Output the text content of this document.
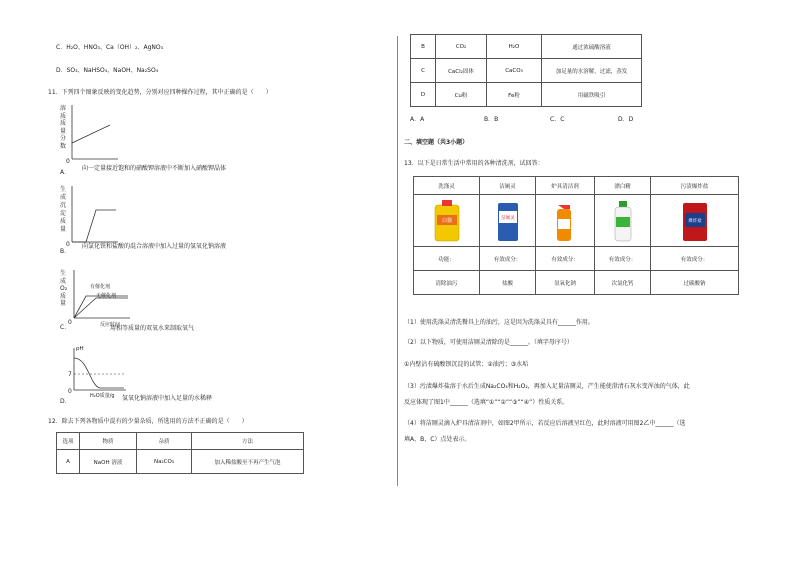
C．H₂O、HNO₃、Ca（OH）₂、AgNO₃
D．SO₃、NaHSO₄、NaOH、Na₂SO₄
11．下列四个图象反映的变化趋势，分别对应四种操作过程，其中正确的是（　　）
溶
质
质
量
分
数
0
A．
向一定量接近饱和的硝酸钾溶液中不断加入硝酸钾晶体
生
成
沉
淀
质
量
0
B．
向氯化铁和盐酸的混合溶液中加入过量的氢氧化钠溶液
生
成
O₂
质
量
有催化剂
无催化剂
反应时间
C．
0
用相等质量的双氧水来制取氧气
pH
7
0
H₂O质量/g
D．	氢氧化钠溶液中加入足量的水稀释
12．除去下列各物质中混有的少量杂质，所选用的方法不正确的是（　　）
选项	物质	杂质	方法
A	NaOH 溶液	Na₂CO₃	加入稀盐酸至不再产生气泡
B	CO₂	H₂O	通过浓硫酸溶液
C	CaCl₂固体	CaCO₃	加足量的水溶解，过滤，蒸发
D	Cu粉	Fe粉	用磁铁吸引
A．A	B．B	C．C	D．D
二、填空题（共3小题）
13．以下是日常生活中常用的各种清洗剂，试回答：
洗涤灵	洁厕灵	炉具清洁剂	漂白精	污渍爆炸盐

白猫	洁厕灵			爆炸盐

功能：	有效成分：	有效成分：	有效成分：	有效成分：
清除油污	盐酸	氢氧化钠	次氯化钙	过碳酸钠
（1）使用洗涤灵清洗餐具上的油污，这是因为洗涤灵具有______作用。
（2）以下物质，可使用洁厕灵清除的是______。（填字母序号）
①内壁沾有硫酸钡沉淀的试管；②油污；③水垢
（3）污渍爆炸盐溶于水后生成Na₂CO₃和H₂O₂，再加入足量洁厕灵，产生能使澄清石灰水变浑浊的气体，此
反应体现了图1中______（选填“①”“②”“③”“④”）性质关系。
（4）将洁厕灵滴入炉具清洁剂中，如图2甲所示，若反应后溶液呈红色，此时溶液可用图2乙中______（选
填A、B、C）点处表示。
